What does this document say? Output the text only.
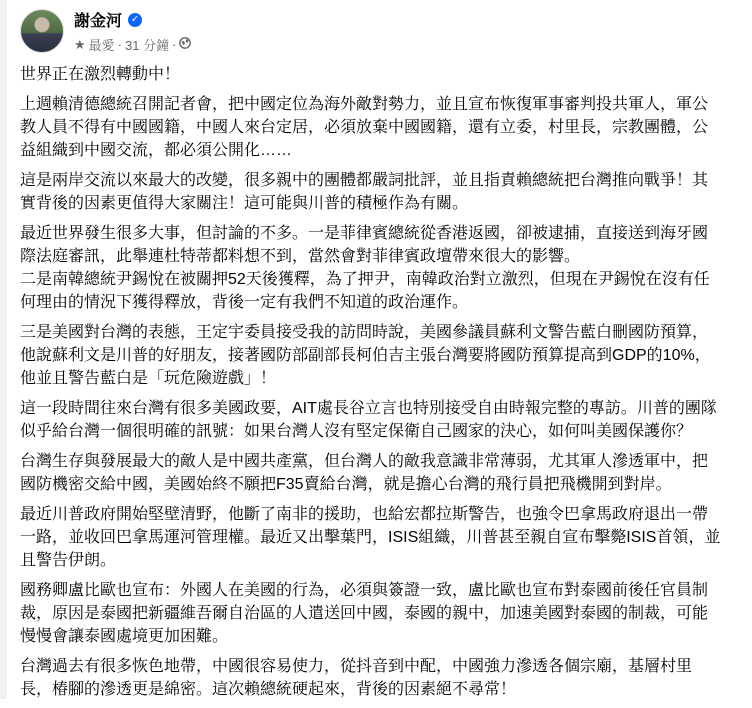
謝金河 ✓
★ 最愛 · 31 分鐘 ·
世界正在激烈轉動中！
上週賴清德總統召開記者會，把中國定位為海外敵對勢力，並且宣布恢復軍事審判投共軍人，軍公
教人員不得有中國國籍，中國人來台定居，必須放棄中國國籍，還有立委，村里長，宗教團體，公
益組織到中國交流，都必須公開化……
這是兩岸交流以來最大的改變，很多親中的團體都嚴詞批評，並且指責賴總統把台灣推向戰爭！其
實背後的因素更值得大家關注！這可能與川普的積極作為有關。
最近世界發生很多大事，但討論的不多。一是菲律賓總統從香港返國，卻被逮捕，直接送到海牙國
際法庭審訊，此舉連杜特蒂都料想不到，當然會對菲律賓政壇帶來很大的影響。
二是南韓總統尹錫悅在被關押52天後獲釋，為了押尹，南韓政治對立激烈，但現在尹錫悅在沒有任
何理由的情況下獲得釋放，背後一定有我們不知道的政治運作。
三是美國對台灣的表態，王定宇委員接受我的訪問時說，美國參議員蘇利文警告藍白刪國防預算，
他說蘇利文是川普的好朋友，接著國防部副部長柯伯吉主張台灣要將國防預算提高到GDP的10%，
他並且警告藍白是「玩危險遊戲」！
這一段時間往來台灣有很多美國政要，AIT處長谷立言也特別接受自由時報完整的專訪。川普的團隊
似乎給台灣一個很明確的訊號：如果台灣人沒有堅定保衛自己國家的決心，如何叫美國保護你？
台灣生存與發展最大的敵人是中國共產黨，但台灣人的敵我意識非常薄弱，尤其軍人滲透軍中，把
國防機密交給中國，美國始終不願把F35賣給台灣，就是擔心台灣的飛行員把飛機開到對岸。
最近川普政府開始堅壁清野，他斷了南非的援助，也給宏都拉斯警告，也強令巴拿馬政府退出一帶
一路，並收回巴拿馬運河管理權。最近又出擊葉門，ISIS組織，川普甚至親自宣布擊斃ISIS首領，並
且警告伊朗。
國務卿盧比歐也宣布：外國人在美國的行為，必須與簽證一致，盧比歐也宣布對泰國前後任官員制
裁，原因是泰國把新疆維吾爾自治區的人遣送回中國，泰國的親中，加速美國對泰國的制裁，可能
慢慢會讓泰國處境更加困難。
台灣過去有很多恢色地帶，中國很容易使力，從抖音到中配，中國強力滲透各個宗廟，基層村里
長，椿腳的滲透更是綿密。這次賴總統硬起來，背後的因素絕不尋常！
